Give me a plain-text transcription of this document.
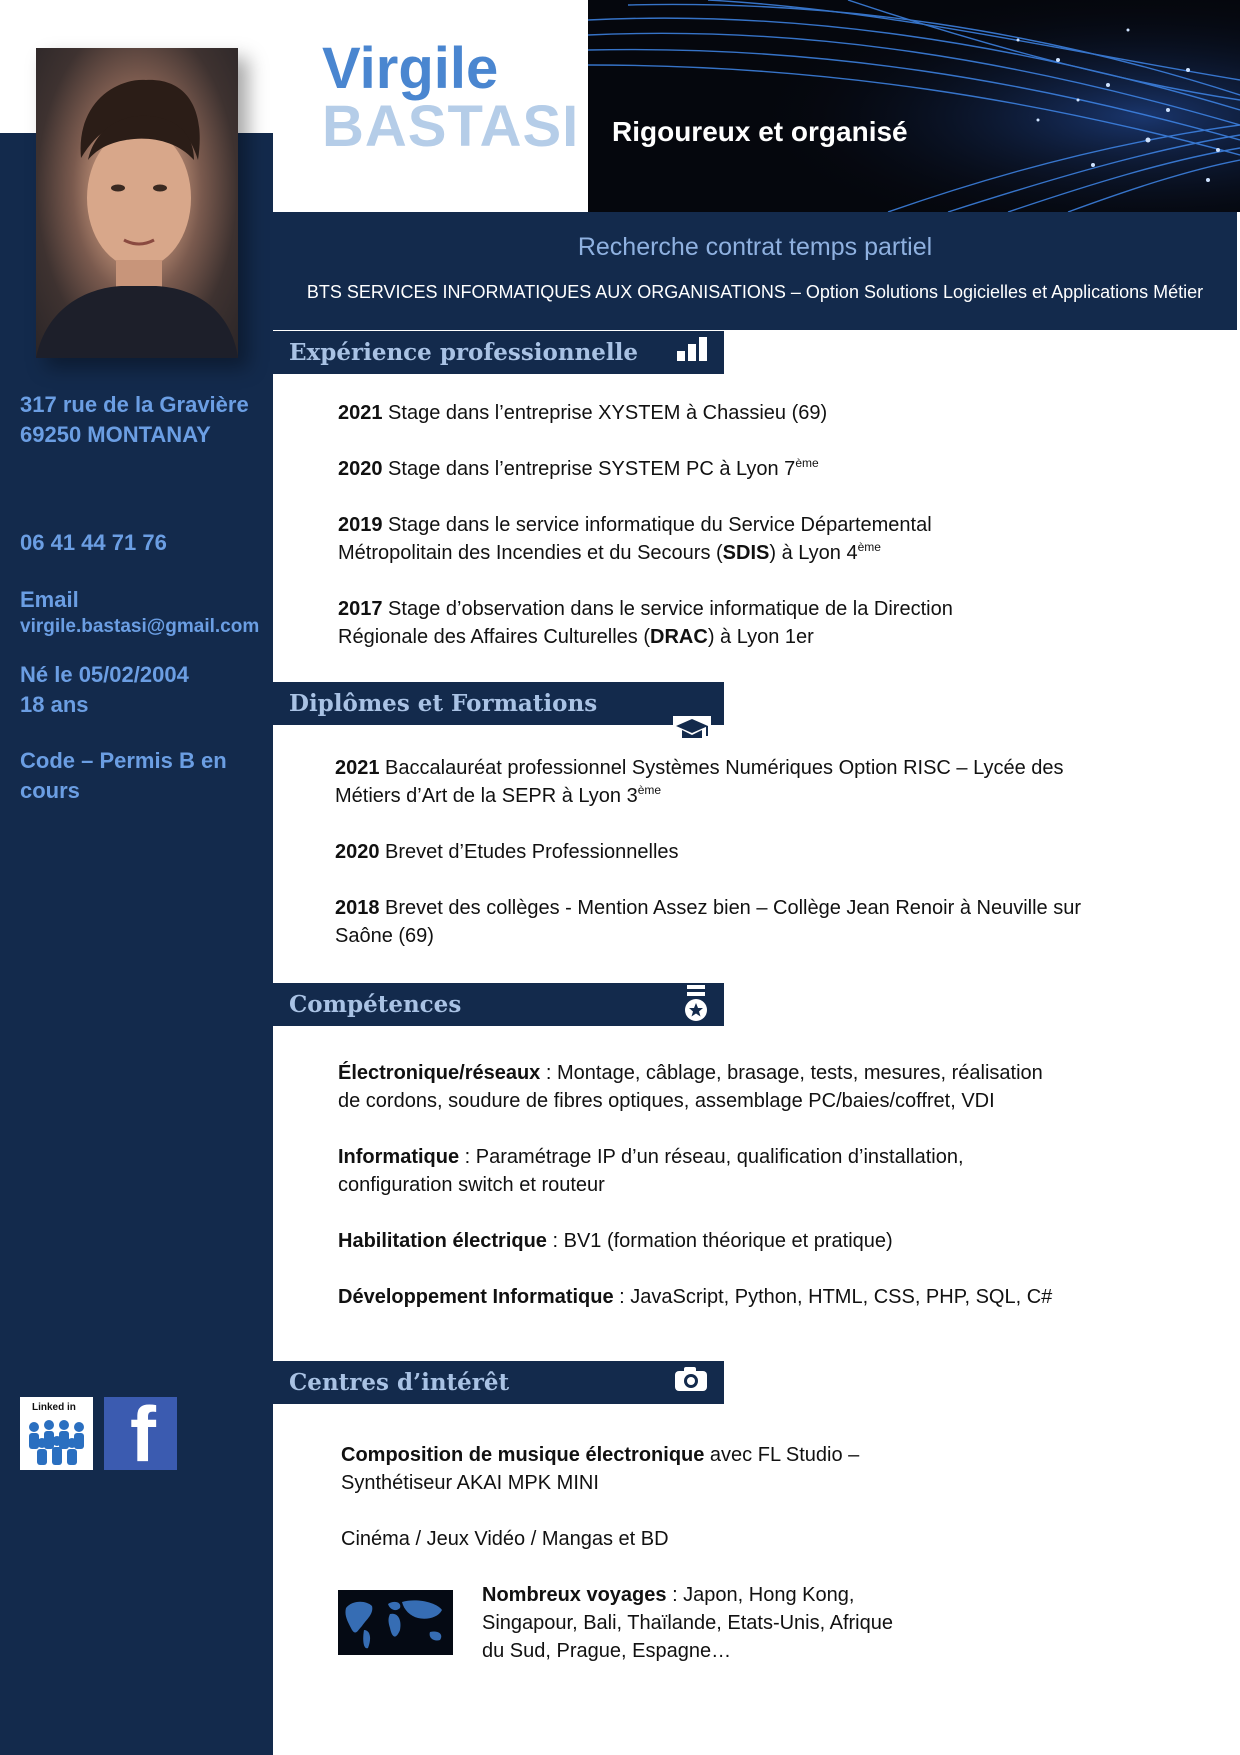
317 rue de la Gravière
69250 MONTANAY
06 41 44 71 76
Email
virgile.bastasi@gmail.com
Né le 05/02/2004
18 ans
Code – Permis B en
cours
Linked in f
Virgile
BASTASI Rigoureux et organisé
Recherche contrat temps partiel
BTS SERVICES INFORMATIQUES AUX ORGANISATIONS – Option Solutions Logicielles et Applications Métier
Expérience professionnelle
2021 Stage dans l’entreprise XYSTEM à Chassieu (69)
2020 Stage dans l’entreprise SYSTEM PC à Lyon 7ème
2019 Stage dans le service informatique du Service Départemental
Métropolitain des Incendies et du Secours (SDIS) à Lyon 4ème
2017 Stage d’observation dans le service informatique de la Direction
Régionale des Affaires Culturelles (DRAC) à Lyon 1er
Diplômes et Formations
2021 Baccalauréat professionnel Systèmes Numériques Option RISC – Lycée des
Métiers d’Art de la SEPR à Lyon 3ème
2020 Brevet d’Etudes Professionnelles
2018 Brevet des collèges - Mention Assez bien – Collège Jean Renoir à Neuville sur
Saône (69)
Compétences
Électronique/réseaux : Montage, câblage, brasage, tests, mesures, réalisation
de cordons, soudure de fibres optiques, assemblage PC/baies/coffret, VDI
Informatique : Paramétrage IP d’un réseau, qualification d’installation,
configuration switch et routeur
Habilitation électrique : BV1 (formation théorique et pratique)
Développement Informatique : JavaScript, Python, HTML, CSS, PHP, SQL, C#
Centres d’intérêt
Composition de musique électronique avec FL Studio –
Synthétiseur AKAI MPK MINI
Cinéma / Jeux Vidéo / Mangas et BD
Nombreux voyages : Japon, Hong Kong,
Singapour, Bali, Thaïlande, Etats-Unis, Afrique
du Sud, Prague, Espagne…
